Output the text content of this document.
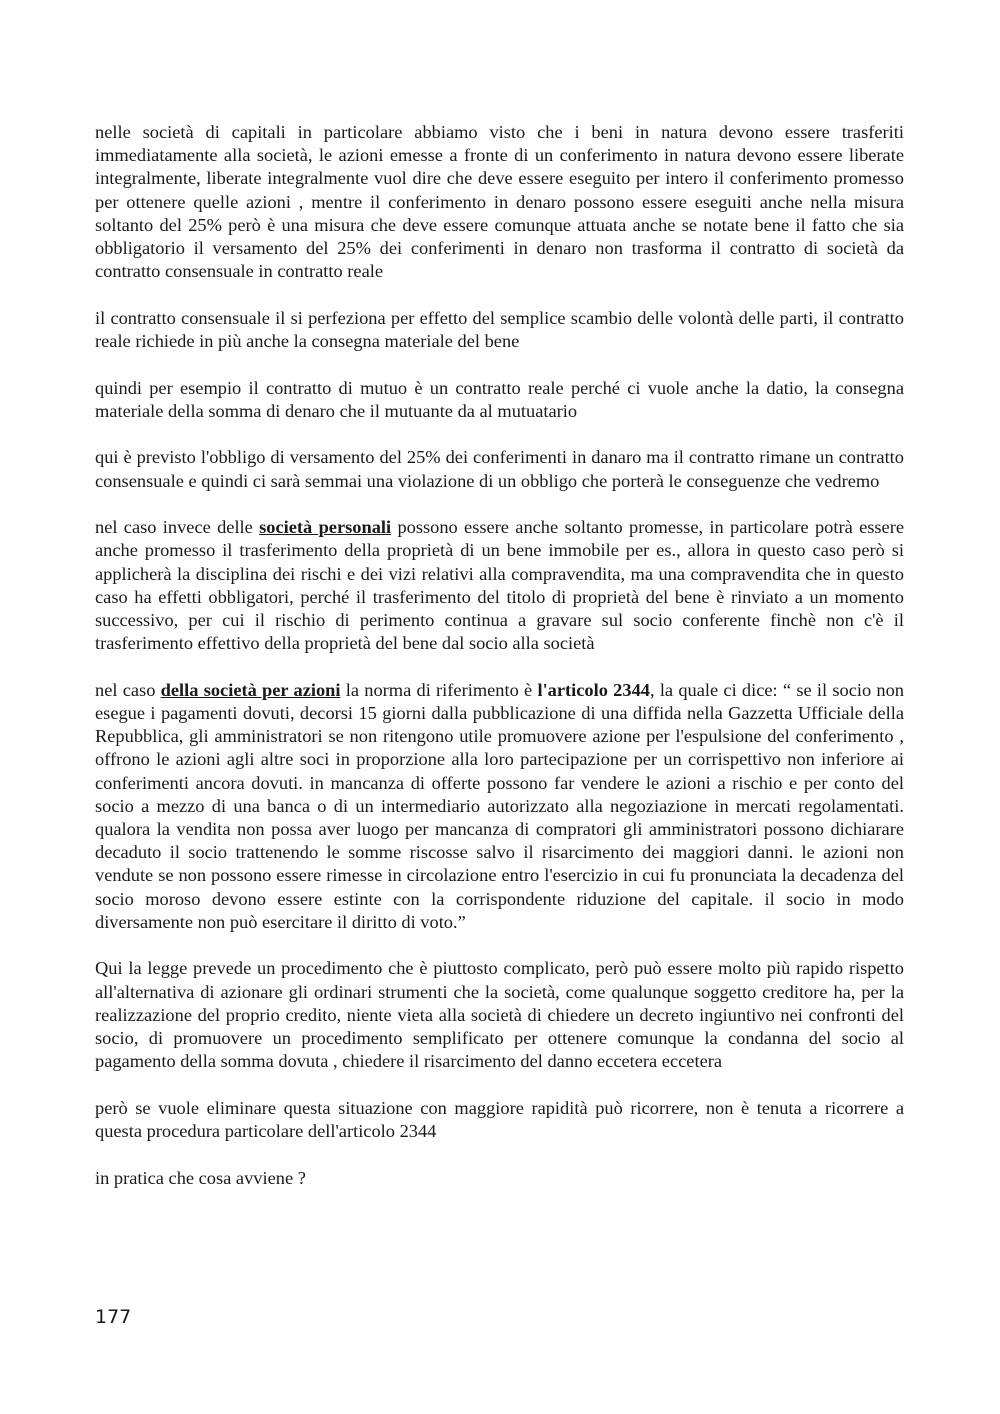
nelle società di capitali in particolare abbiamo visto che i beni in natura devono essere trasferiti immediatamente alla società, le azioni emesse a fronte di un conferimento in natura devono essere liberate integralmente, liberate integralmente vuol dire che deve essere eseguito per intero il conferimento promesso per ottenere quelle azioni , mentre il conferimento in denaro possono essere eseguiti anche nella misura soltanto del 25% però è una misura che deve essere comunque attuata anche se notate bene il fatto che sia obbligatorio il versamento del 25% dei conferimenti in denaro non trasforma il contratto di società da contratto consensuale in contratto reale

il contratto consensuale il si perfeziona per effetto del semplice scambio delle volontà delle parti, il contratto reale richiede in più anche la consegna materiale del bene

quindi per esempio il contratto di mutuo è un contratto reale perché ci vuole anche la datio, la consegna materiale della somma di denaro che il mutuante da al mutuatario

qui è previsto l'obbligo di versamento del 25% dei conferimenti in danaro ma il contratto rimane un contratto consensuale e quindi ci sarà semmai una violazione di un obbligo che porterà le conseguenze che vedremo

nel caso invece delle società personali possono essere anche soltanto promesse, in particolare potrà essere anche promesso il trasferimento della proprietà di un bene immobile per es., allora in questo caso però si applicherà la disciplina dei rischi e dei vizi relativi alla compravendita, ma una compravendita che in questo caso ha effetti obbligatori, perché il trasferimento del titolo di proprietà del bene è rinviato a un momento successivo, per cui il rischio di perimento continua a gravare sul socio conferente finchè non c'è il trasferimento effettivo della proprietà del bene dal socio alla società

nel caso della società per azioni la norma di riferimento è l'articolo 2344, la quale ci dice: “ se il socio non esegue i pagamenti dovuti, decorsi 15 giorni dalla pubblicazione di una diffida nella Gazzetta Ufficiale della Repubblica, gli amministratori se non ritengono utile promuovere azione per l'espulsione del conferimento , offrono le azioni agli altre soci in proporzione alla loro partecipazione per un corrispettivo non inferiore ai conferimenti ancora dovuti. in mancanza di offerte possono far vendere le azioni a rischio e per conto del socio a mezzo di una banca o di un intermediario autorizzato alla negoziazione in mercati regolamentati. qualora la vendita non possa aver luogo per mancanza di compratori gli amministratori possono dichiarare decaduto il socio trattenendo le somme riscosse salvo il risarcimento dei maggiori danni. le azioni non vendute se non possono essere rimesse in circolazione entro l'esercizio in cui fu pronunciata la decadenza del socio moroso devono essere estinte con la corrispondente riduzione del capitale. il socio in modo diversamente non può esercitare il diritto di voto.”

Qui la legge prevede un procedimento che è piuttosto complicato, però può essere molto più rapido rispetto all'alternativa di azionare gli ordinari strumenti che la società, come qualunque soggetto creditore ha, per la realizzazione del proprio credito, niente vieta alla società di chiedere un decreto ingiuntivo nei confronti del socio, di promuovere un procedimento semplificato per ottenere comunque la condanna del socio al pagamento della somma dovuta , chiedere il risarcimento del danno eccetera eccetera

però se vuole eliminare questa situazione con maggiore rapidità può ricorrere, non è tenuta a ricorrere a questa procedura particolare dell'articolo 2344

in pratica che cosa avviene ?

177
